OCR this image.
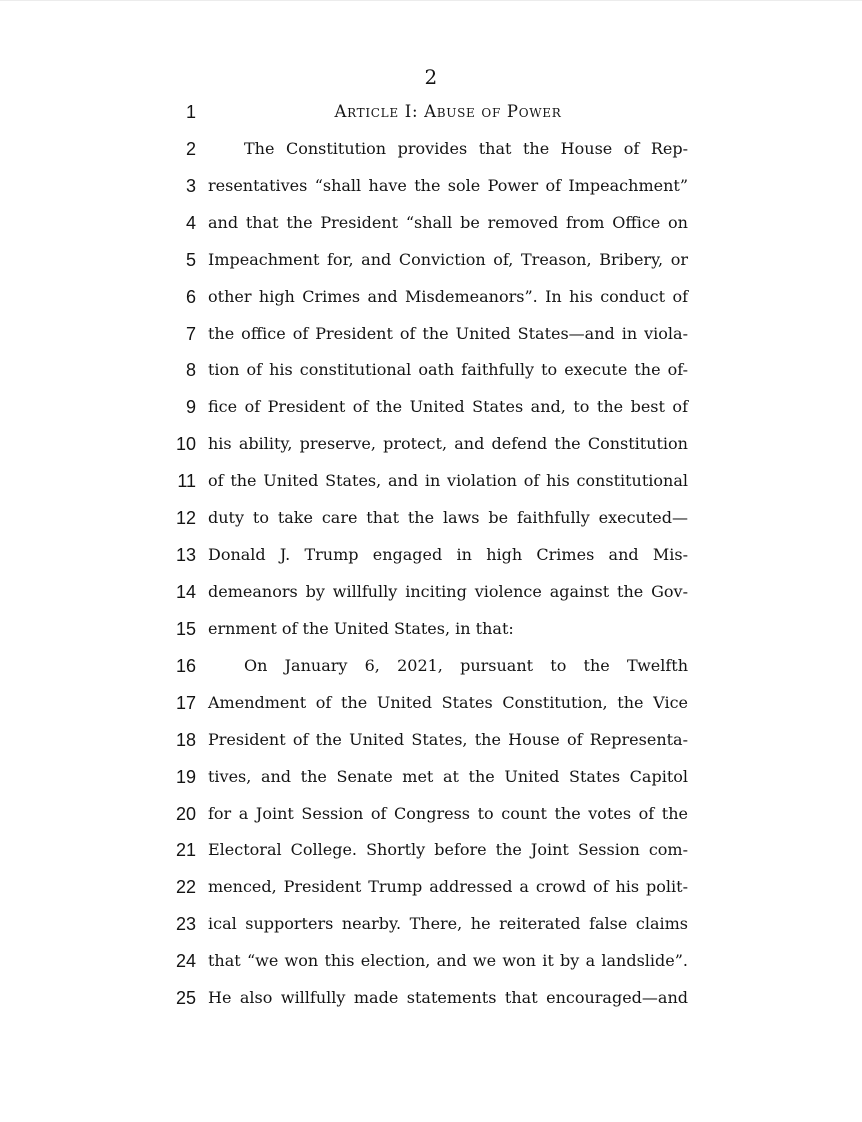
2
1	Article I: Abuse of Power
2	The Constitution provides that the House of Rep-
3 resentatives “shall have the sole Power of Impeachment”
4 and that the President “shall be removed from Office on
5 Impeachment for, and Conviction of, Treason, Bribery, or
6 other high Crimes and Misdemeanors”. In his conduct of
7 the office of President of the United States—and in viola-
8 tion of his constitutional oath faithfully to execute the of-
9 fice of President of the United States and, to the best of
10 his ability, preserve, protect, and defend the Constitution
11 of the United States, and in violation of his constitutional
12 duty to take care that the laws be faithfully executed—
13 Donald J. Trump engaged in high Crimes and Mis-
14 demeanors by willfully inciting violence against the Gov-
15 ernment of the United States, in that:
16	On January 6, 2021, pursuant to the Twelfth
17 Amendment of the United States Constitution, the Vice
18 President of the United States, the House of Representa-
19 tives, and the Senate met at the United States Capitol
20 for a Joint Session of Congress to count the votes of the
21 Electoral College. Shortly before the Joint Session com-
22 menced, President Trump addressed a crowd of his polit-
23 ical supporters nearby. There, he reiterated false claims
24 that “we won this election, and we won it by a landslide”.
25 He also willfully made statements that encouraged—and
